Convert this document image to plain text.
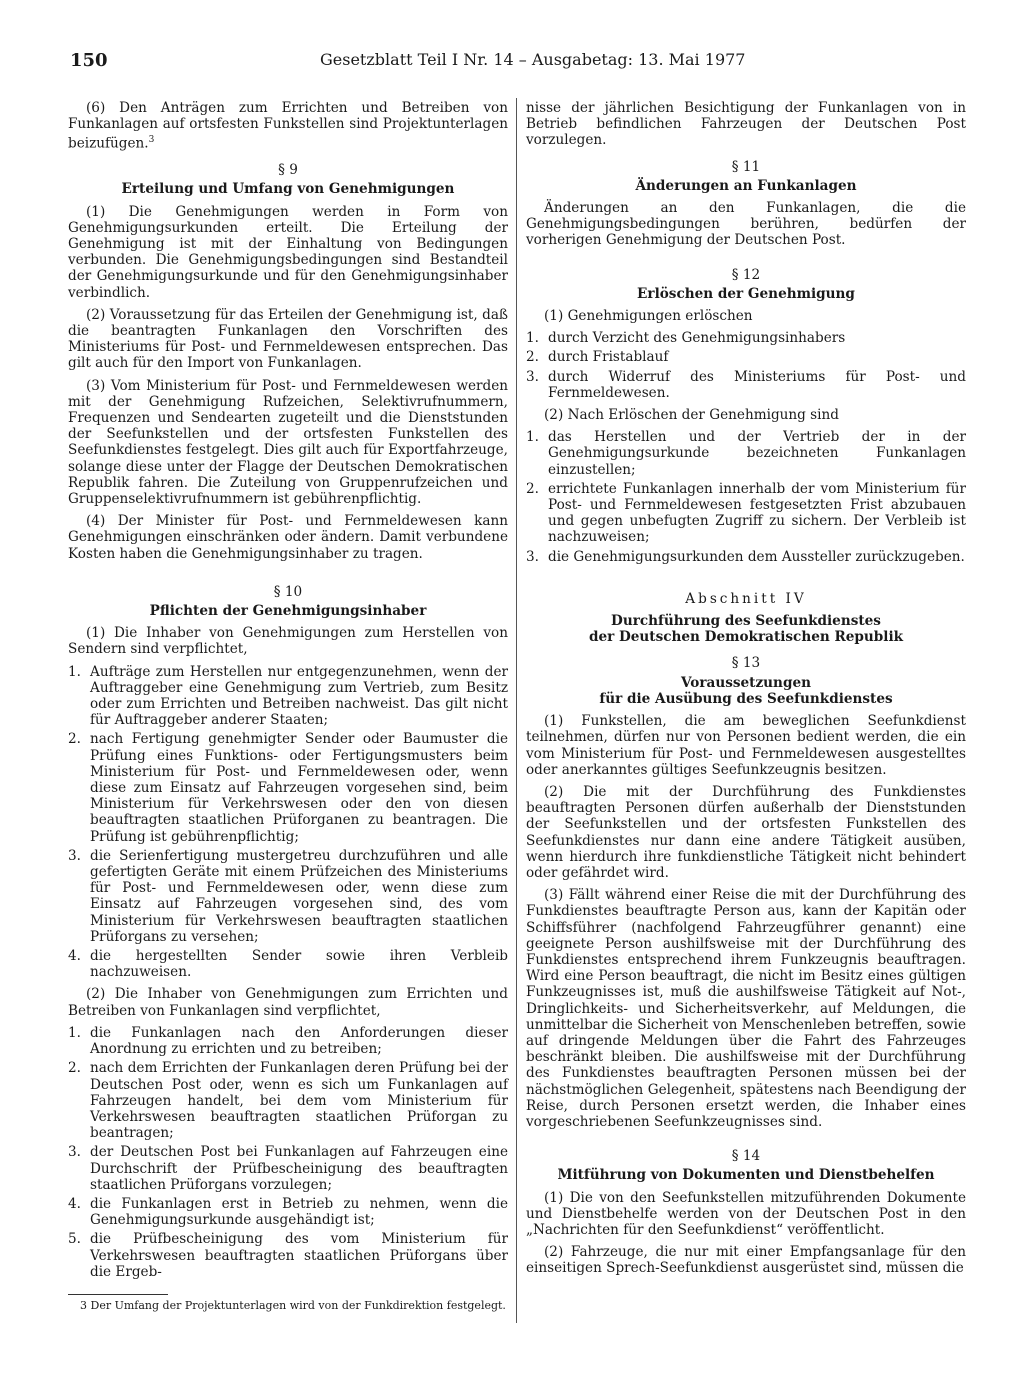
150	Gesetzblatt Teil I Nr. 14 – Ausgabetag: 13. Mai 1977

(6) Den Anträgen zum Errichten und Betreiben von Funkanlagen auf ortsfesten Funkstellen sind Projektunterlagen beizufügen.$^3$

§ 9
Erteilung und Umfang von Genehmigungen

(1) Die Genehmigungen werden in Form von Genehmigungsurkunden erteilt. Die Erteilung der Genehmigung ist mit der Einhaltung von Bedingungen verbunden. Die Genehmigungsbedingungen sind Bestandteil der Genehmigungsurkunde und für den Genehmigungsinhaber verbindlich.

(2) Voraussetzung für das Erteilen der Genehmigung ist, daß die beantragten Funkanlagen den Vorschriften des Ministeriums für Post- und Fernmeldewesen entsprechen. Das gilt auch für den Import von Funkanlagen.

(3) Vom Ministerium für Post- und Fernmeldewesen werden mit der Genehmigung Rufzeichen, Selektivrufnummern, Frequenzen und Sendearten zugeteilt und die Dienststunden der Seefunkstellen und der ortsfesten Funkstellen des Seefunkdienstes festgelegt. Dies gilt auch für Exportfahrzeuge, solange diese unter der Flagge der Deutschen Demokratischen Republik fahren. Die Zuteilung von Gruppenrufzeichen und Gruppenselektivrufnummern ist gebührenpflichtig.

(4) Der Minister für Post- und Fernmeldewesen kann Genehmigungen einschränken oder ändern. Damit verbundene Kosten haben die Genehmigungsinhaber zu tragen.

§ 10
Pflichten der Genehmigungsinhaber

(1) Die Inhaber von Genehmigungen zum Herstellen von Sendern sind verpflichtet,

1. Aufträge zum Herstellen nur entgegenzunehmen, wenn der Auftraggeber eine Genehmigung zum Vertrieb, zum Besitz oder zum Errichten und Betreiben nachweist. Das gilt nicht für Auftraggeber anderer Staaten;
2. nach Fertigung genehmigter Sender oder Baumuster die Prüfung eines Funktions- oder Fertigungsmusters beim Ministerium für Post- und Fernmeldewesen oder, wenn diese zum Einsatz auf Fahrzeugen vorgesehen sind, beim Ministerium für Verkehrswesen oder den von diesen beauftragten staatlichen Prüforganen zu beantragen. Die Prüfung ist gebührenpflichtig;
3. die Serienfertigung mustergetreu durchzuführen und alle gefertigten Geräte mit einem Prüfzeichen des Ministeriums für Post- und Fernmeldewesen oder, wenn diese zum Einsatz auf Fahrzeugen vorgesehen sind, des vom Ministerium für Verkehrswesen beauftragten staatlichen Prüforgans zu versehen;
4. die hergestellten Sender sowie ihren Verbleib nachzuweisen.

(2) Die Inhaber von Genehmigungen zum Errichten und Betreiben von Funkanlagen sind verpflichtet,

1. die Funkanlagen nach den Anforderungen dieser Anordnung zu errichten und zu betreiben;
2. nach dem Errichten der Funkanlagen deren Prüfung bei der Deutschen Post oder, wenn es sich um Funkanlagen auf Fahrzeugen handelt, bei dem vom Ministerium für Verkehrswesen beauftragten staatlichen Prüforgan zu beantragen;
3. der Deutschen Post bei Funkanlagen auf Fahrzeugen eine Durchschrift der Prüfbescheinigung des beauftragten staatlichen Prüforgans vorzulegen;
4. die Funkanlagen erst in Betrieb zu nehmen, wenn die Genehmigungsurkunde ausgehändigt ist;
5. die Prüfbescheinigung des vom Ministerium für Verkehrswesen beauftragten staatlichen Prüforgans über die Ergeb-

3 Der Umfang der Projektunterlagen wird von der Funkdirektion festgelegt.

nisse der jährlichen Besichtigung der Funkanlagen von in Betrieb befindlichen Fahrzeugen der Deutschen Post vorzulegen.

§ 11
Änderungen an Funkanlagen

Änderungen an den Funkanlagen, die die Genehmigungsbedingungen berühren, bedürfen der vorherigen Genehmigung der Deutschen Post.

§ 12
Erlöschen der Genehmigung

(1) Genehmigungen erlöschen

1. durch Verzicht des Genehmigungsinhabers
2. durch Fristablauf
3. durch Widerruf des Ministeriums für Post- und Fernmeldewesen.

(2) Nach Erlöschen der Genehmigung sind

1. das Herstellen und der Vertrieb der in der Genehmigungsurkunde bezeichneten Funkanlagen einzustellen;
2. errichtete Funkanlagen innerhalb der vom Ministerium für Post- und Fernmeldewesen festgesetzten Frist abzubauen und gegen unbefugten Zugriff zu sichern. Der Verbleib ist nachzuweisen;
3. die Genehmigungsurkunden dem Aussteller zurückzugeben.
Abschnitt IV
Durchführung des Seefunkdienstes
der Deutschen Demokratischen Republik
§ 13
Voraussetzungen
für die Ausübung des Seefunkdienstes

(1) Funkstellen, die am beweglichen Seefunkdienst teilnehmen, dürfen nur von Personen bedient werden, die ein vom Ministerium für Post- und Fernmeldewesen ausgestelltes oder anerkanntes gültiges Seefunkzeugnis besitzen.

(2) Die mit der Durchführung des Funkdienstes beauftragten Personen dürfen außerhalb der Dienststunden der Seefunkstellen und der ortsfesten Funkstellen des Seefunkdienstes nur dann eine andere Tätigkeit ausüben, wenn hierdurch ihre funkdienstliche Tätigkeit nicht behindert oder gefährdet wird.

(3) Fällt während einer Reise die mit der Durchführung des Funkdienstes beauftragte Person aus, kann der Kapitän oder Schiffsführer (nachfolgend Fahrzeugführer genannt) eine geeignete Person aushilfsweise mit der Durchführung des Funkdienstes entsprechend ihrem Funkzeugnis beauftragen. Wird eine Person beauftragt, die nicht im Besitz eines gültigen Funkzeugnisses ist, muß die aushilfsweise Tätigkeit auf Not-, Dringlichkeits- und Sicherheitsverkehr, auf Meldungen, die unmittelbar die Sicherheit von Menschenleben betreffen, sowie auf dringende Meldungen über die Fahrt des Fahrzeuges beschränkt bleiben. Die aushilfsweise mit der Durchführung des Funkdienstes beauftragten Personen müssen bei der nächstmöglichen Gelegenheit, spätestens nach Beendigung der Reise, durch Personen ersetzt werden, die Inhaber eines vorgeschriebenen Seefunkzeugnisses sind.

§ 14
Mitführung von Dokumenten und Dienstbehelfen

(1) Die von den Seefunkstellen mitzuführenden Dokumente und Dienstbehelfe werden von der Deutschen Post in den „Nachrichten für den Seefunkdienst“ veröffentlicht.

(2) Fahrzeuge, die nur mit einer Empfangsanlage für den einseitigen Sprech-Seefunkdienst ausgerüstet sind, müssen die
